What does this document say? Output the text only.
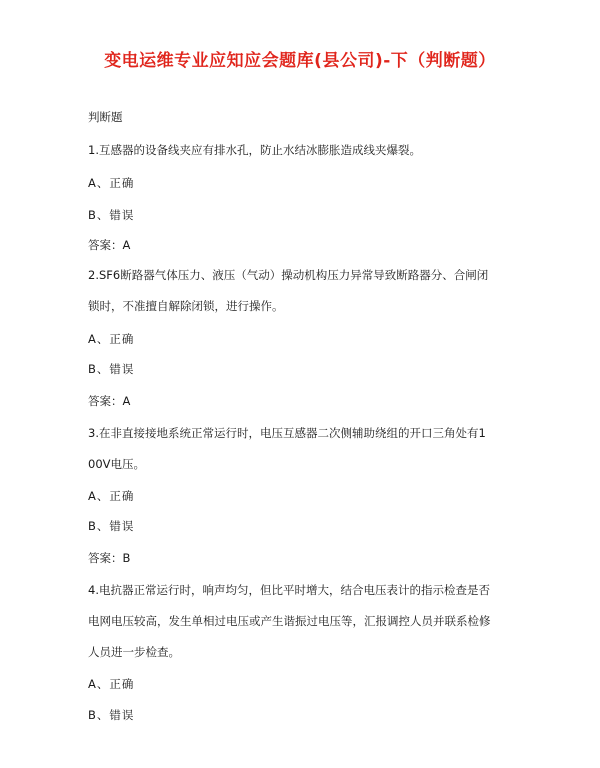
变电运维专业应知应会题库(县公司)-下（判断题）
判断题
1.互感器的设备线夹应有排水孔，防止水结冰膨胀造成线夹爆裂。
A、正确
B、错误
答案：A
2.SF6断路器气体压力、液压（气动）操动机构压力异常导致断路器分、合闸闭
锁时，不准擅自解除闭锁，进行操作。
A、正确
B、错误
答案：A
3.在非直接接地系统正常运行时，电压互感器二次侧辅助绕组的开口三角处有1
00V电压。
A、正确
B、错误
答案：B
4.电抗器正常运行时，响声均匀，但比平时增大，结合电压表计的指示检查是否
电网电压较高，发生单相过电压或产生谐振过电压等，汇报调控人员并联系检修
人员进一步检查。
A、正确
B、错误
